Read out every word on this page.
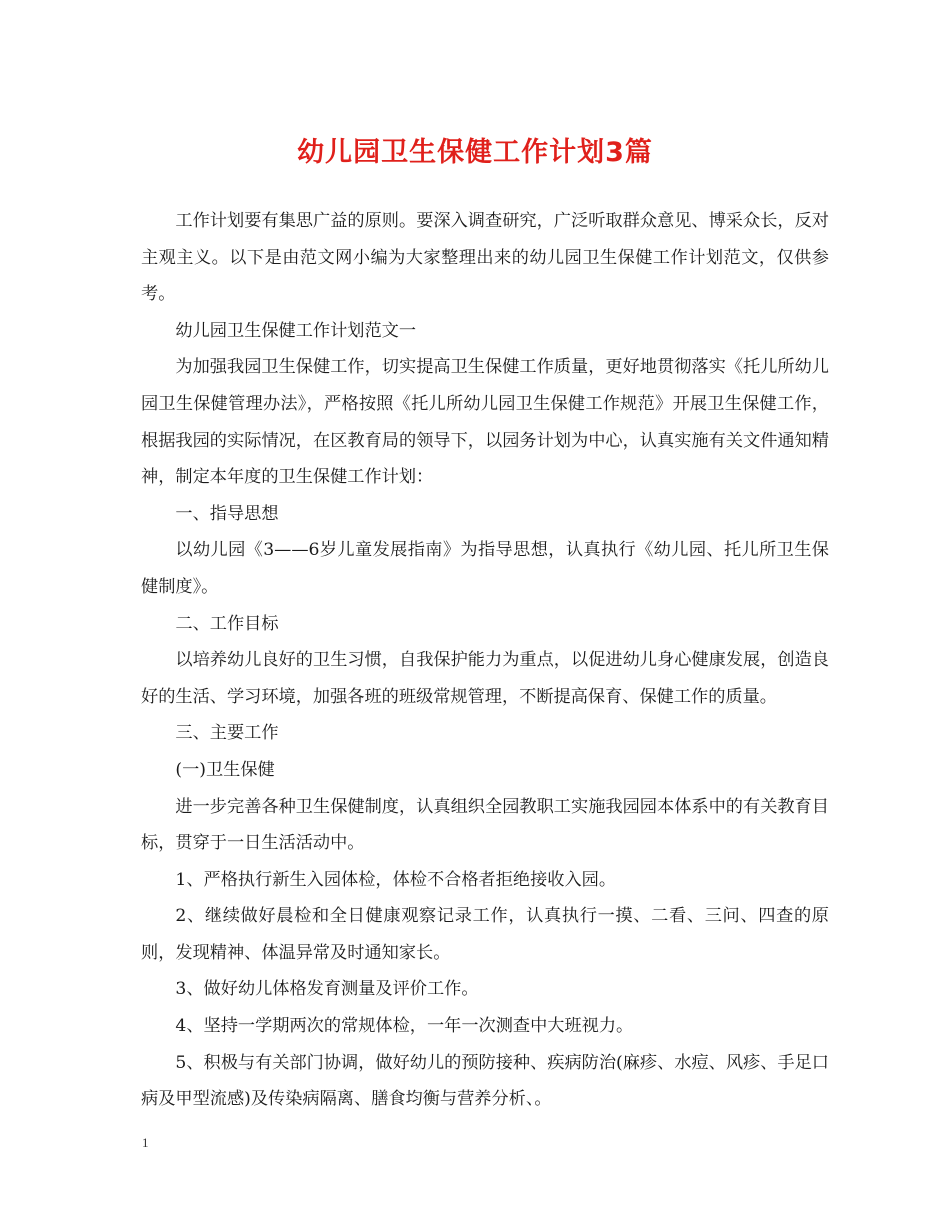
幼儿园卫生保健工作计划3篇

工作计划要有集思广益的原则。要深入调查研究，广泛听取群众意见、博采众长，反对主观主义。以下是由范文网小编为大家整理出来的幼儿园卫生保健工作计划范文，仅供参考。

幼儿园卫生保健工作计划范文一

为加强我园卫生保健工作，切实提高卫生保健工作质量，更好地贯彻落实《托儿所幼儿园卫生保健管理办法》，严格按照《托儿所幼儿园卫生保健工作规范》开展卫生保健工作，根据我园的实际情况，在区教育局的领导下，以园务计划为中心，认真实施有关文件通知精神，制定本年度的卫生保健工作计划：

一、指导思想

以幼儿园《3——6岁儿童发展指南》为指导思想，认真执行《幼儿园、托儿所卫生保健制度》。

二、工作目标

以培养幼儿良好的卫生习惯，自我保护能力为重点，以促进幼儿身心健康发展，创造良好的生活、学习环境，加强各班的班级常规管理，不断提高保育、保健工作的质量。

三、主要工作

(一)卫生保健

进一步完善各种卫生保健制度，认真组织全园教职工实施我园园本体系中的有关教育目标，贯穿于一日生活活动中。

1、严格执行新生入园体检，体检不合格者拒绝接收入园。

2、继续做好晨检和全日健康观察记录工作，认真执行一摸、二看、三问、四查的原则，发现精神、体温异常及时通知家长。

3、做好幼儿体格发育测量及评价工作。

4、坚持一学期两次的常规体检，一年一次测查中大班视力。

5、积极与有关部门协调，做好幼儿的预防接种、疾病防治(麻疹、水痘、风疹、手足口病及甲型流感)及传染病隔离、膳食均衡与营养分析、。

1
